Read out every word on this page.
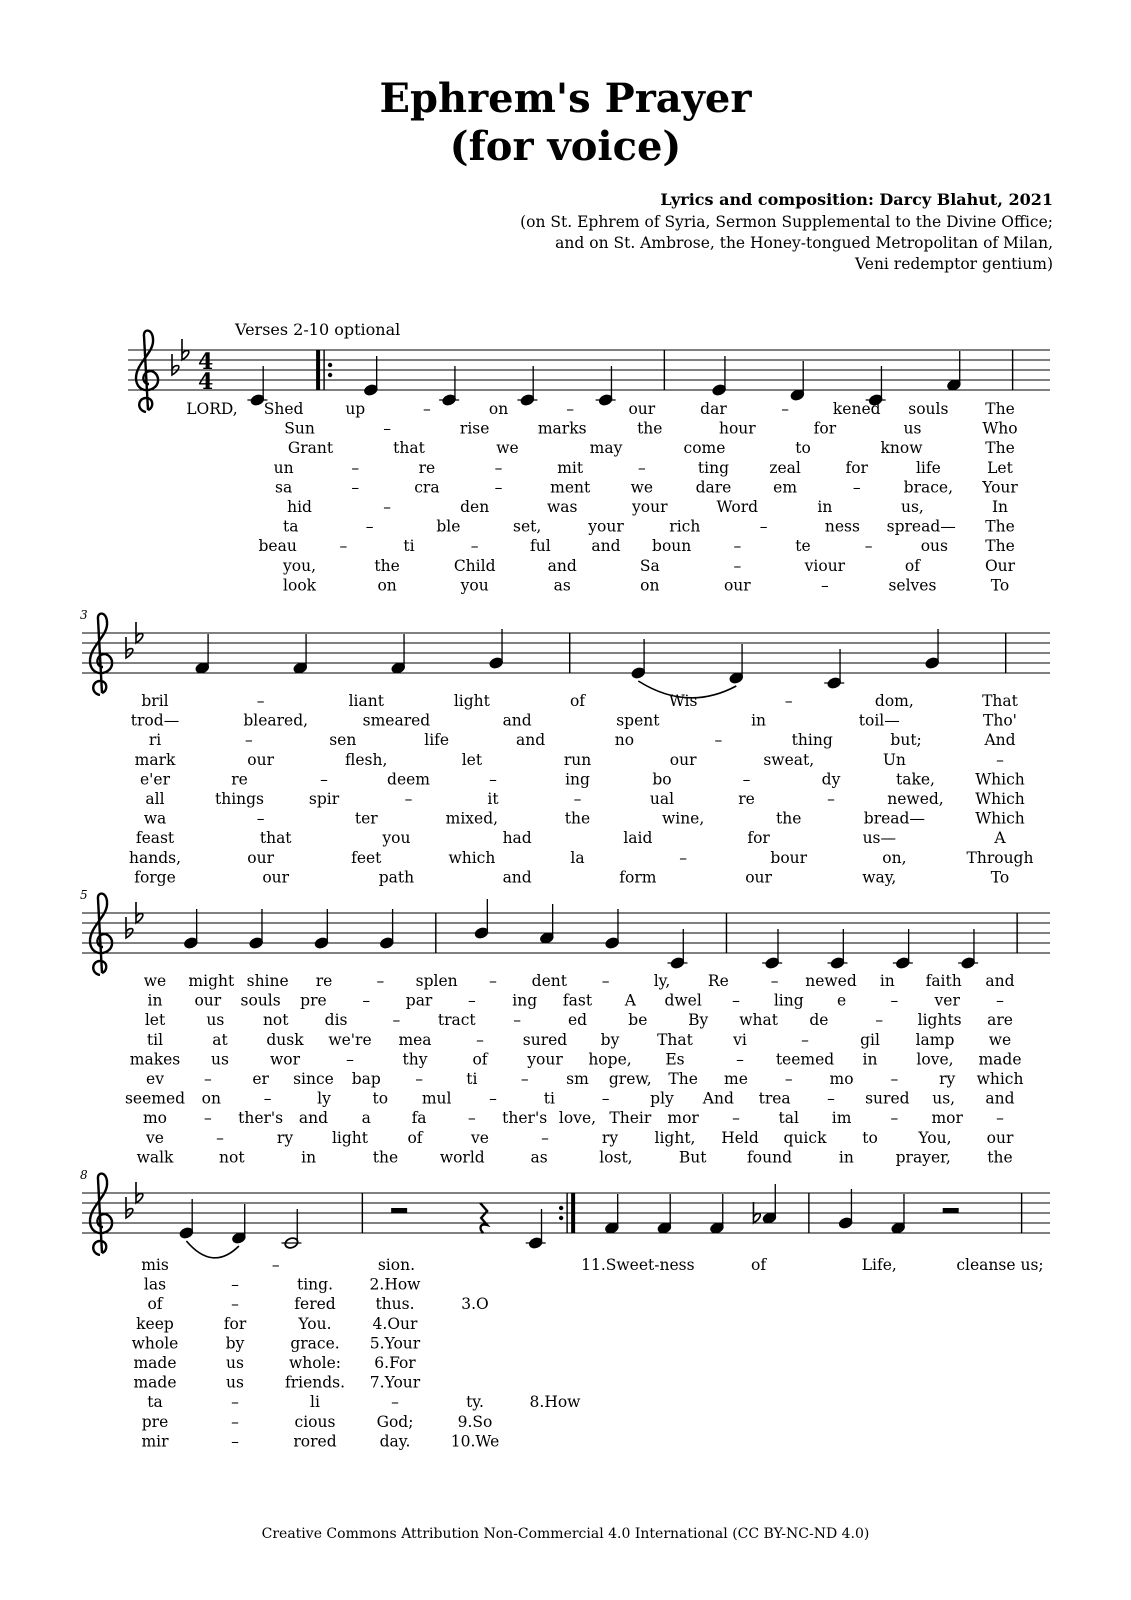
Ephrem's Prayer
(for voice)
Lyrics and composition: Darcy Blahut, 2021
(on St. Ephrem of Syria, Sermon Supplemental to the Divine Office;
and on St. Ambrose, the Honey-tongued Metropolitan of Milan,
Veni redemptor gentium)
Verses 2-10 optional
4
4
LORD, Shed	up	–	on	–	our	dar	–	kened souls The
Sun	–	rise	marks	the	hour	for	us	Who
Grant	that	we	may	come	to	know	The
un	–	re	–	mit	–	ting	zeal	for	life	Let
sa	–	cra	–	ment	we	dare	em	–	brace, Your
hid	–	den	was	your	Word	in	us,	In
ta	–	ble	set,	your	rich	–	ness spread— The
beau	–	ti	–	ful	and boun	–	te	–	ous The
you,	the	Child	and	Sa	–	viour	of	Our
look	on	you	as	on	our	–	selves	To
3
bril	–	liant	light	of	Wis	–	dom,	That
trod—	bleared,	smeared	and	spent	in	toil—	Tho'
ri	–	sen	life	and	no	–	thing	but;	And
mark	our	flesh,	let	run	our	sweat,	Un	–
e'er	re	–	deem	–	ing	bo	–	dy	take,	Which
all	things	spir	–	it	–	ual	re	–	newed, Which
wa	–	ter	mixed,	the	wine,	the	bread—	Which
feast	that	you	had	laid	for	us—	A
hands,	our	feet	which	la	–	bour	on,	Through
forge	our	path	and	form	our	way,	To
5
we might shine re	– splen – dent –	ly, Re	– newed in faith and
in our souls pre – par – ing fast A dwel – ling e	– ver –
let	us not dis	– tract –	ed	be	By what de	– lights are
til	at dusk we're mea	–	sured by That	vi	–	gil lamp we
makes us	wor	–	thy	of	your hope, Es	– teemed in	love, made
ev	–	er since bap –	ti	– sm grew, The me – mo –	ry which
seemed on	–	ly	to mul –	ti	–	ply And trea – sured us, and
mo – ther's and a	fa	– ther's love, Their mor – tal im	– mor –
ve	–	ry	light	of	ve	–	ry light, Held quick to	You, our
walk	not	in	the	world	as	lost,	But	found	in	prayer, the
8
mis	–	sion.	11.Sweet-ness	of	Life,	cleanse us;
las	–	ting. 2.How
of	–	fered	thus.	3.O
keep	for	You.	4.Our
whole	by	grace. 5.Your
made	us	whole: 6.For
made	us	friends. 7.Your
ta	–	li	–	ty.	8.How
pre	–	cious	God;	9.So
mir	–	rored	day.	10.We
Creative Commons Attribution Non-Commercial 4.0 International (CC BY-NC-ND 4.0)
